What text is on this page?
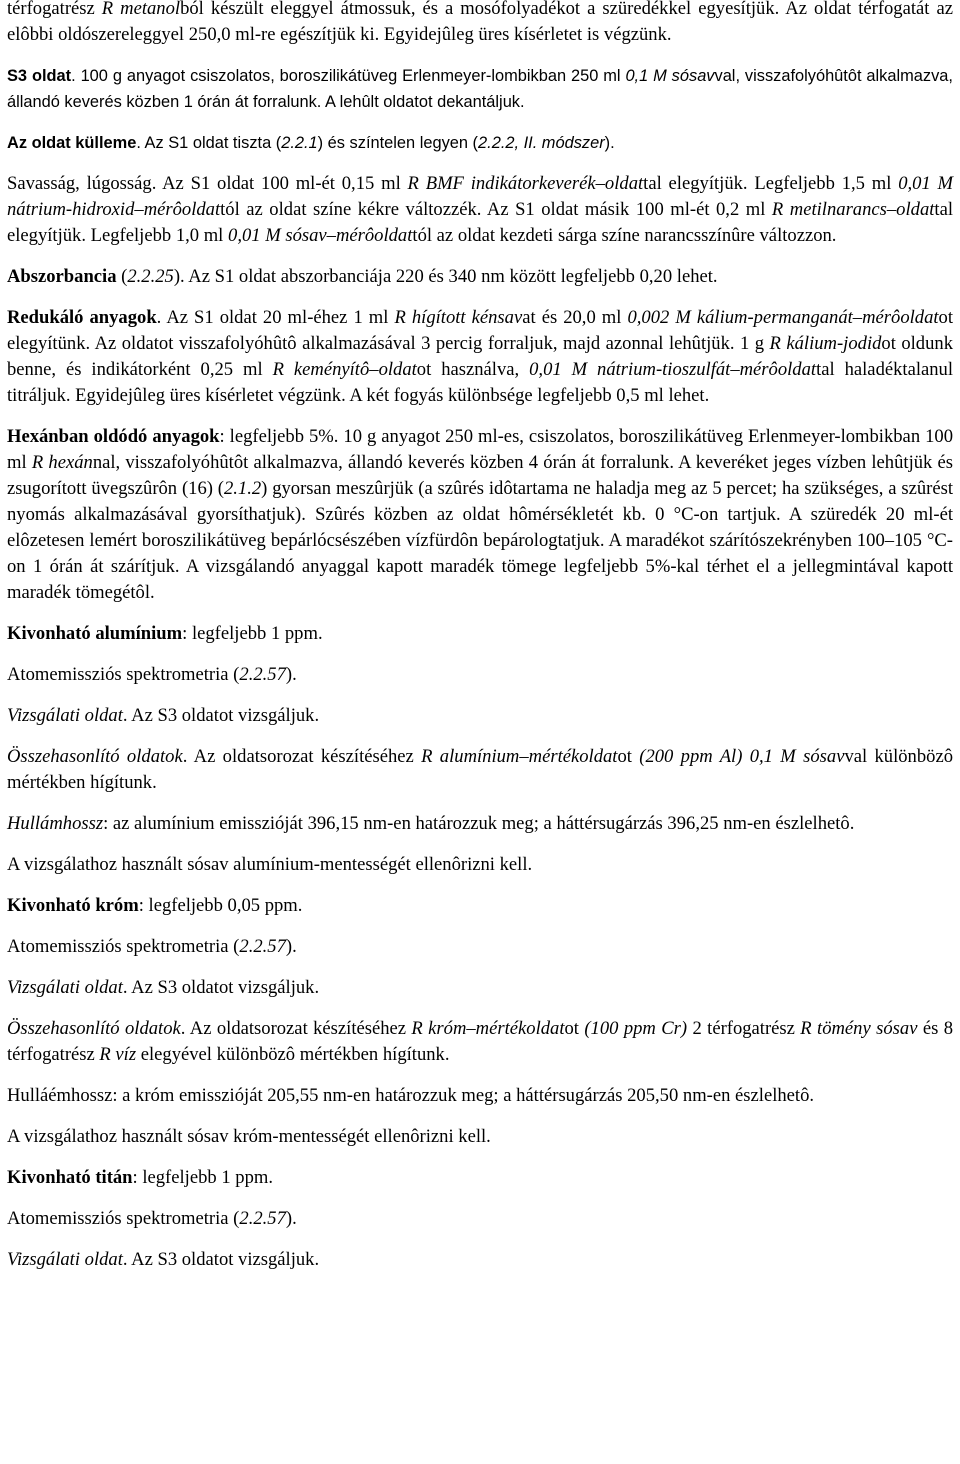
térfogatrész R metanolból készült eleggyel átmossuk, és a mosófolyadékot a szüredékkel egyesítjük. Az oldat térfogatát az elôbbi oldószereleggyel 250,0 ml-re egészítjük ki. Egyidejûleg üres kísérletet is végzünk.

S3 oldat. 100 g anyagot csiszolatos, boroszilikátüveg Erlenmeyer-lombikban 250 ml 0,1 M sósavval, visszafolyóhûtôt alkalmazva, állandó keverés közben 1 órán át forralunk. A lehûlt oldatot dekantáljuk.

Az oldat külleme. Az S1 oldat tiszta (2.2.1) és színtelen legyen (2.2.2, II. módszer).

Savasság, lúgosság. Az S1 oldat 100 ml-ét 0,15 ml R BMF indikátorkeverék–oldattal elegyítjük. Legfeljebb 1,5 ml 0,01 M nátrium-hidroxid–mérôoldattól az oldat színe kékre változzék. Az S1 oldat másik 100 ml-ét 0,2 ml R metilnarancs–oldattal elegyítjük. Legfeljebb 1,0 ml 0,01 M sósav–mérôoldattól az oldat kezdeti sárga színe narancsszínûre változzon.

Abszorbancia (2.2.25). Az S1 oldat abszorbanciája 220 és 340 nm között legfeljebb 0,20 lehet.

Redukáló anyagok. Az S1 oldat 20 ml-éhez 1 ml R hígított kénsavat és 20,0 ml 0,002 M kálium-permanganát–mérôoldatot elegyítünk. Az oldatot visszafolyóhûtô alkalmazásával 3 percig forraljuk, majd azonnal lehûtjük. 1 g R kálium-jodidot oldunk benne, és indikátorként 0,25 ml R keményítô–oldatot használva, 0,01 M nátrium-tioszulfát–mérôoldattal haladéktalanul titráljuk. Egyidejûleg üres kísérletet végzünk. A két fogyás különbsége legfeljebb 0,5 ml lehet.

Hexánban oldódó anyagok: legfeljebb 5%. 10 g anyagot 250 ml-es, csiszolatos, boroszilikátüveg Erlenmeyer-lombikban 100 ml R hexánnal, visszafolyóhûtôt alkalmazva, állandó keverés közben 4 órán át forralunk. A keveréket jeges vízben lehûtjük és zsugorított üvegszûrôn (16) (2.1.2) gyorsan meszûrjük (a szûrés idôtartama ne haladja meg az 5 percet; ha szükséges, a szûrést nyomás alkalmazásával gyorsíthatjuk). Szûrés közben az oldat hômérsékletét kb. 0 °C-on tartjuk. A szüredék 20 ml-ét elôzetesen lemért boroszilikátüveg bepárlócsészében vízfürdôn bepárologtatjuk. A maradékot szárítószekrényben 100–105 °C-on 1 órán át szárítjuk. A vizsgálandó anyaggal kapott maradék tömege legfeljebb 5%-kal térhet el a jellegmintával kapott maradék tömegétôl.

Kivonható alumínium: legfeljebb 1 ppm.

Atomemissziós spektrometria (2.2.57).

Vizsgálati oldat. Az S3 oldatot vizsgáljuk.

Összehasonlító oldatok. Az oldatsorozat készítéséhez R alumínium–mértékoldatot (200 ppm Al) 0,1 M sósavval különbözô mértékben hígítunk.

Hullámhossz: az alumínium emisszióját 396,15 nm-en határozzuk meg; a háttérsugárzás 396,25 nm-en észlelhetô.

A vizsgálathoz használt sósav alumínium-mentességét ellenôrizni kell.

Kivonható króm: legfeljebb 0,05 ppm.

Atomemissziós spektrometria (2.2.57).

Vizsgálati oldat. Az S3 oldatot vizsgáljuk.

Összehasonlító oldatok. Az oldatsorozat készítéséhez R króm–mértékoldatot (100 ppm Cr) 2 térfogatrész R tömény sósav és 8 térfogatrész R víz elegyével különbözô mértékben hígítunk.

Hulláémhossz: a króm emisszióját 205,55 nm-en határozzuk meg; a háttérsugárzás 205,50 nm-en észlelhetô.

A vizsgálathoz használt sósav króm-mentességét ellenôrizni kell.

Kivonható titán: legfeljebb 1 ppm.

Atomemissziós spektrometria (2.2.57).

Vizsgálati oldat. Az S3 oldatot vizsgáljuk.
